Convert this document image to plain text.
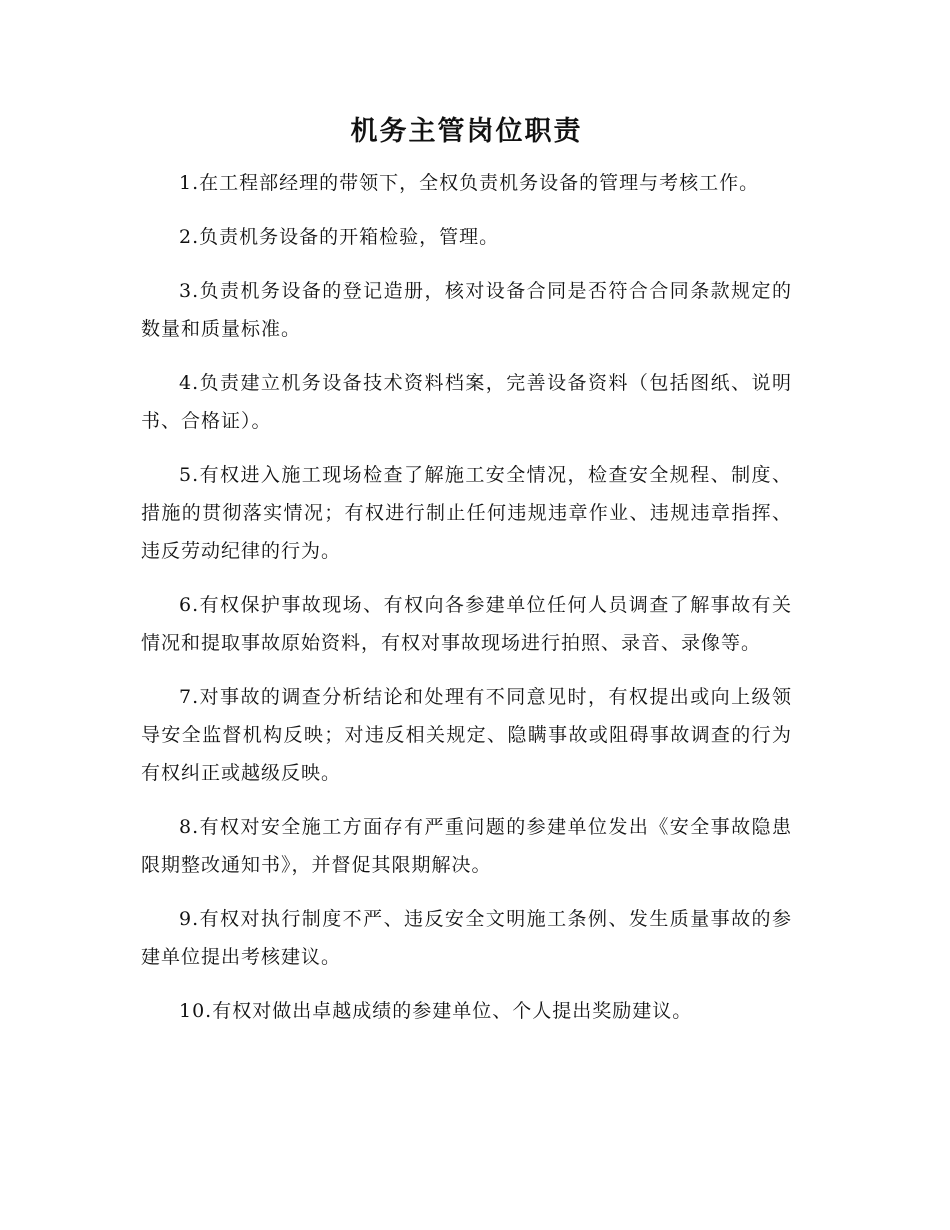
机务主管岗位职责

1.在工程部经理的带领下，全权负责机务设备的管理与考核工作。

2.负责机务设备的开箱检验，管理。

3.负责机务设备的登记造册，核对设备合同是否符合合同条款规定的数量和质量标准。

4.负责建立机务设备技术资料档案，完善设备资料（包括图纸、说明书、合格证）。

5.有权进入施工现场检查了解施工安全情况，检查安全规程、制度、措施的贯彻落实情况；有权进行制止任何违规违章作业、违规违章指挥、违反劳动纪律的行为。

6.有权保护事故现场、有权向各参建单位任何人员调查了解事故有关情况和提取事故原始资料，有权对事故现场进行拍照、录音、录像等。

7.对事故的调查分析结论和处理有不同意见时，有权提出或向上级领导安全监督机构反映；对违反相关规定、隐瞒事故或阻碍事故调查的行为有权纠正或越级反映。

8.有权对安全施工方面存有严重问题的参建单位发出《安全事故隐患限期整改通知书》，并督促其限期解决。

9.有权对执行制度不严、违反安全文明施工条例、发生质量事故的参建单位提出考核建议。

10.有权对做出卓越成绩的参建单位、个人提出奖励建议。
